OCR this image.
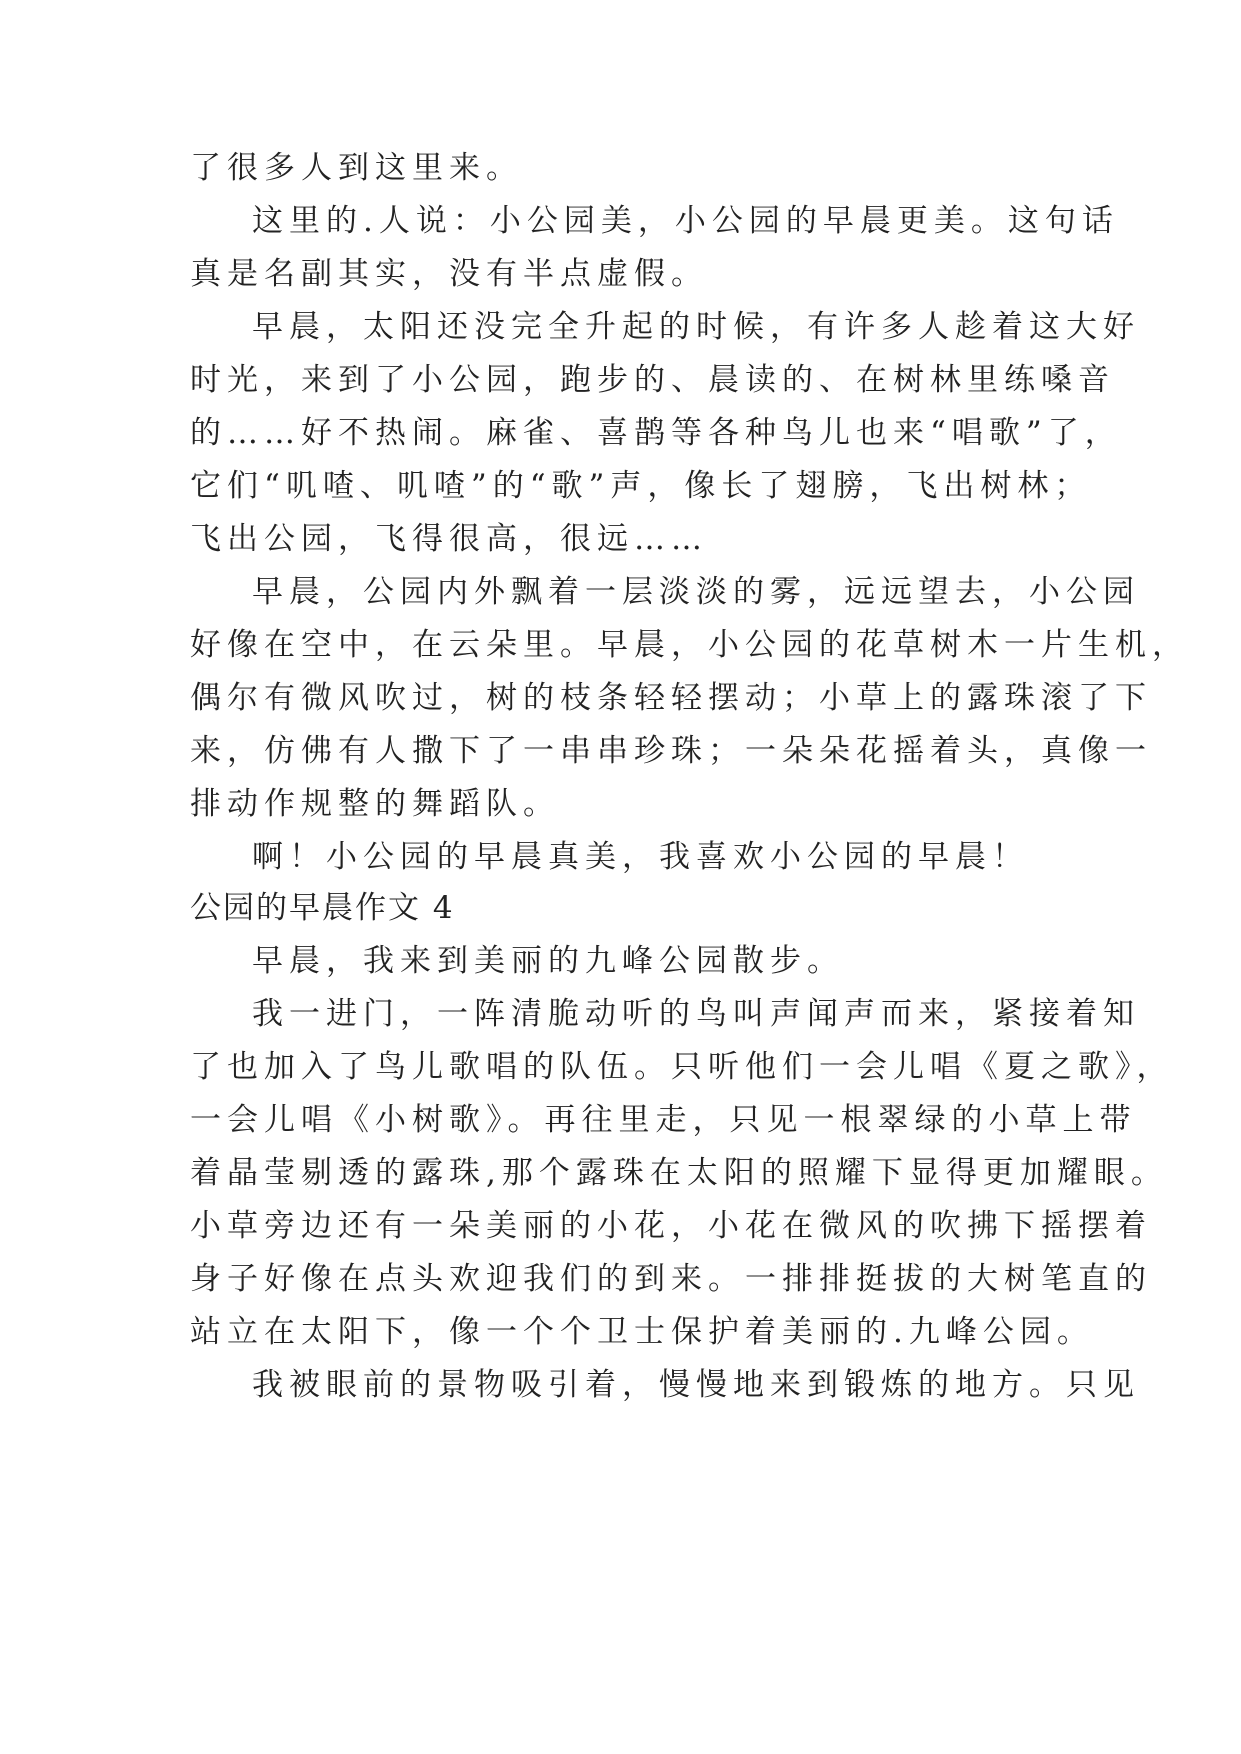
了很多人到这里来。
这里的.人说：小公园美，小公园的早晨更美。这句话
真是名副其实，没有半点虚假。
早晨，太阳还没完全升起的时候，有许多人趁着这大好
时光，来到了小公园，跑步的、晨读的、在树林里练嗓音
的……好不热闹。麻雀、喜鹊等各种鸟儿也来“唱歌”了，
它们“叽喳、叽喳”的“歌”声，像长了翅膀，飞出树林；
飞出公园，飞得很高，很远……
早晨，公园内外飘着一层淡淡的雾，远远望去，小公园
好像在空中，在云朵里。早晨，小公园的花草树木一片生机，
偶尔有微风吹过，树的枝条轻轻摆动；小草上的露珠滚了下
来，仿佛有人撒下了一串串珍珠；一朵朵花摇着头，真像一
排动作规整的舞蹈队。
啊！小公园的早晨真美，我喜欢小公园的早晨！
公园的早晨作文 4
早晨，我来到美丽的九峰公园散步。
我一进门，一阵清脆动听的鸟叫声闻声而来，紧接着知
了也加入了鸟儿歌唱的队伍。只听他们一会儿唱《夏之歌》，
一会儿唱《小树歌》。再往里走，只见一根翠绿的小草上带
着晶莹剔透的露珠,那个露珠在太阳的照耀下显得更加耀眼。
小草旁边还有一朵美丽的小花，小花在微风的吹拂下摇摆着
身子好像在点头欢迎我们的到来。一排排挺拔的大树笔直的
站立在太阳下，像一个个卫士保护着美丽的.九峰公园。
我被眼前的景物吸引着，慢慢地来到锻炼的地方。只见
